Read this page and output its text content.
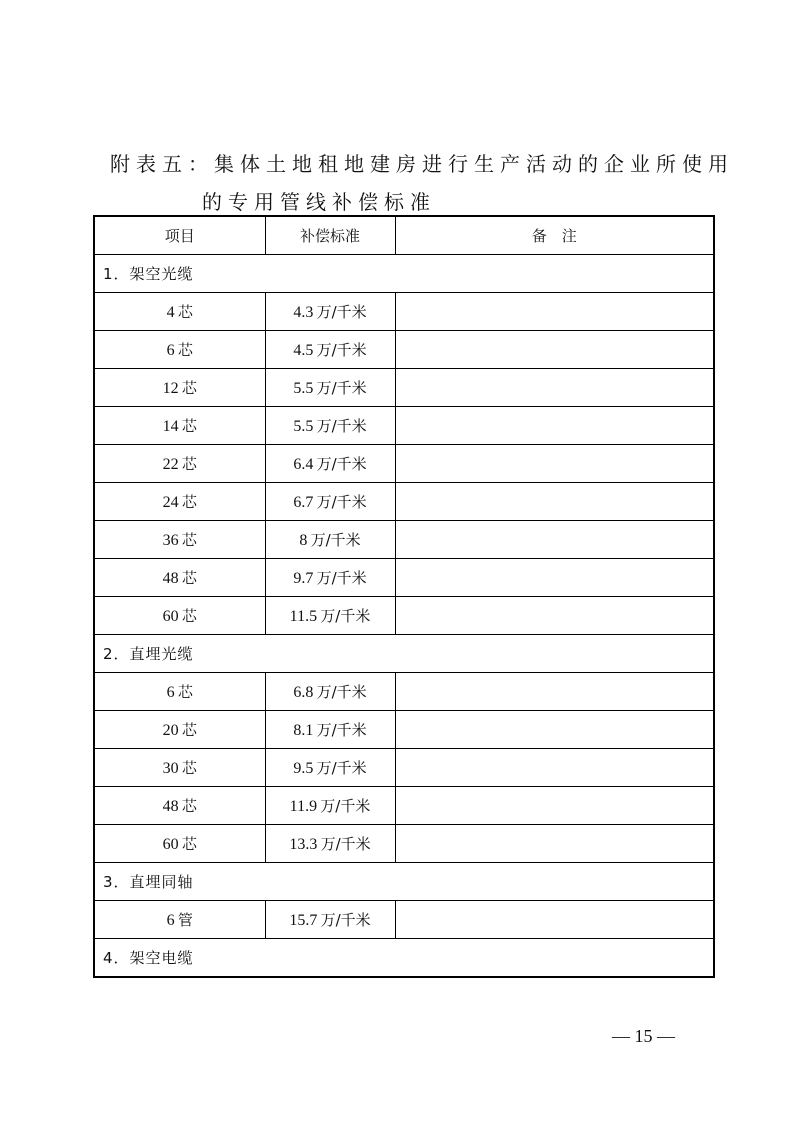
附表五：集体土地租地建房进行生产活动的企业所使用
的专用管线补偿标准
项目	补偿标准	备　注
1．架空光缆		
4  芯	4.3  万/千米	
6  芯	4.5  万/千米	
12  芯	5.5  万/千米	
14  芯	5.5  万/千米	
22  芯	6.4  万/千米	
24  芯	6.7  万/千米	
36  芯	8  万/千米	
48  芯	9.7  万/千米	
60  芯	11.5  万/千米	
2．直埋光缆		
6  芯	6.8  万/千米	
20  芯	8.1  万/千米	
30  芯	9.5  万/千米	
48  芯	11.9  万/千米	
60  芯	13.3  万/千米	
3．直埋同轴		
6  管	15.7  万/千米	
4．架空电缆		
— 15 —
